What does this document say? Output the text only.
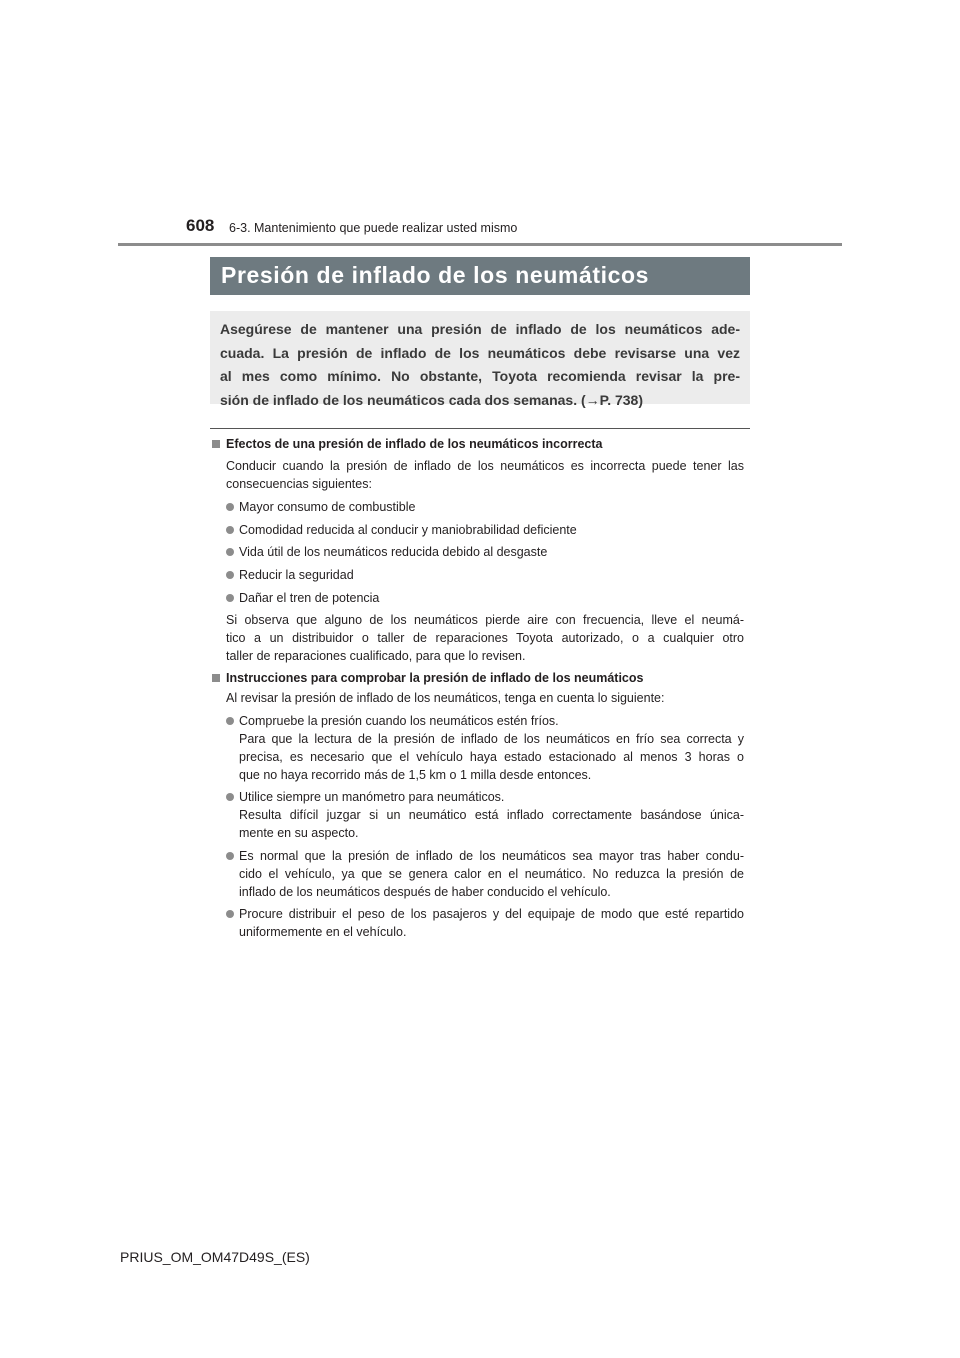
608 6-3. Mantenimiento que puede realizar usted mismo
Presión de inflado de los neumáticos
Asegúrese de mantener una presión de inflado de los neumáticos ade-
cuada. La presión de inflado de los neumáticos debe revisarse una vez
al mes como mínimo. No obstante, Toyota recomienda revisar la pre-
sión de inflado de los neumáticos cada dos semanas. (→P. 738)
Efectos de una presión de inflado de los neumáticos incorrecta
Conducir cuando la presión de inflado de los neumáticos es incorrecta puede tener las
consecuencias siguientes:
Mayor consumo de combustible
Comodidad reducida al conducir y maniobrabilidad deficiente
Vida útil de los neumáticos reducida debido al desgaste
Reducir la seguridad
Dañar el tren de potencia
Si observa que alguno de los neumáticos pierde aire con frecuencia, lleve el neumá-
tico a un distribuidor o taller de reparaciones Toyota autorizado, o a cualquier otro
taller de reparaciones cualificado, para que lo revisen.
Instrucciones para comprobar la presión de inflado de los neumáticos
Al revisar la presión de inflado de los neumáticos, tenga en cuenta lo siguiente:
Compruebe la presión cuando los neumáticos estén fríos.
Para que la lectura de la presión de inflado de los neumáticos en frío sea correcta y
precisa, es necesario que el vehículo haya estado estacionado al menos 3 horas o
que no haya recorrido más de 1,5 km o 1 milla desde entonces.
Utilice siempre un manómetro para neumáticos.
Resulta difícil juzgar si un neumático está inflado correctamente basándose única-
mente en su aspecto.
Es normal que la presión de inflado de los neumáticos sea mayor tras haber condu-
cido el vehículo, ya que se genera calor en el neumático. No reduzca la presión de
inflado de los neumáticos después de haber conducido el vehículo.
Procure distribuir el peso de los pasajeros y del equipaje de modo que esté repartido
uniformemente en el vehículo.
PRIUS_OM_OM47D49S_(ES)
